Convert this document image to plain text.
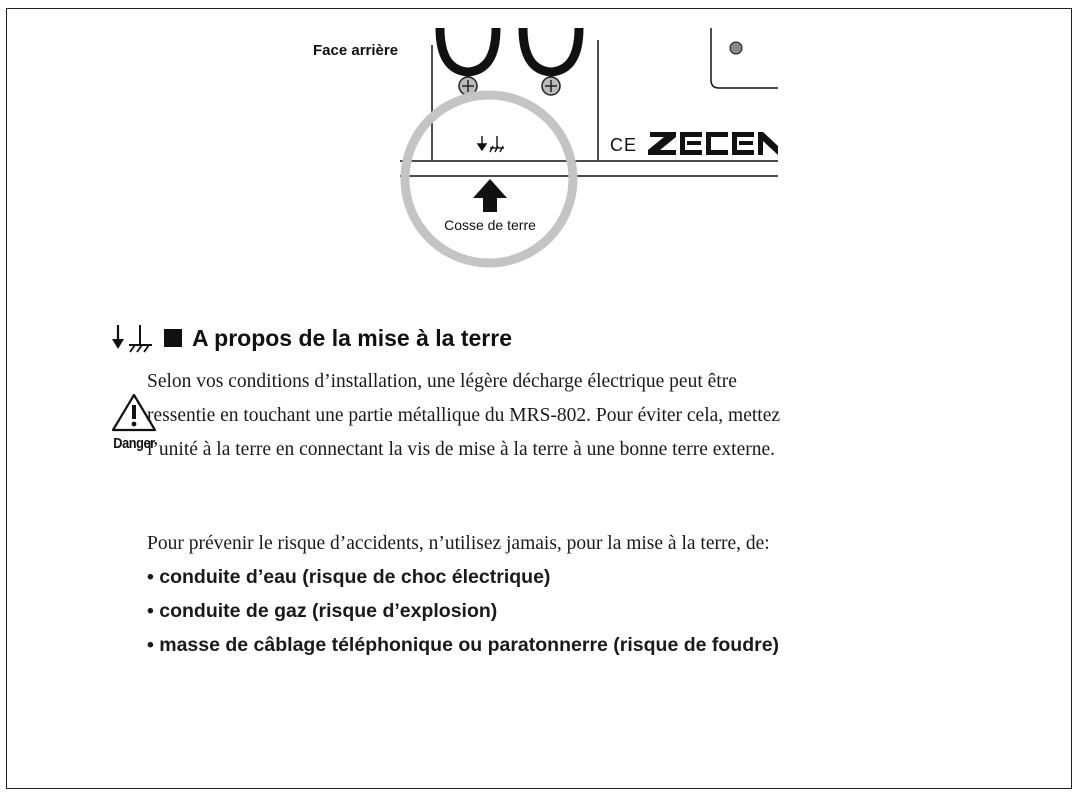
CE
Face arrière
Cosse de terre
A propos de la mise à la terre
Danger

Selon vos conditions d’installation, une légère décharge électrique peut être

ressentie en touchant une partie métallique du MRS-802. Pour éviter cela, mettez

l’unité à la terre en connectant la vis de mise à la terre à une bonne terre externe.

Pour prévenir le risque d’accidents, n’utilisez jamais, pour la mise à la terre, de:
• conduite d’eau (risque de choc électrique)
• conduite de gaz (risque d’explosion)
• masse de câblage téléphonique ou paratonnerre (risque de foudre)
